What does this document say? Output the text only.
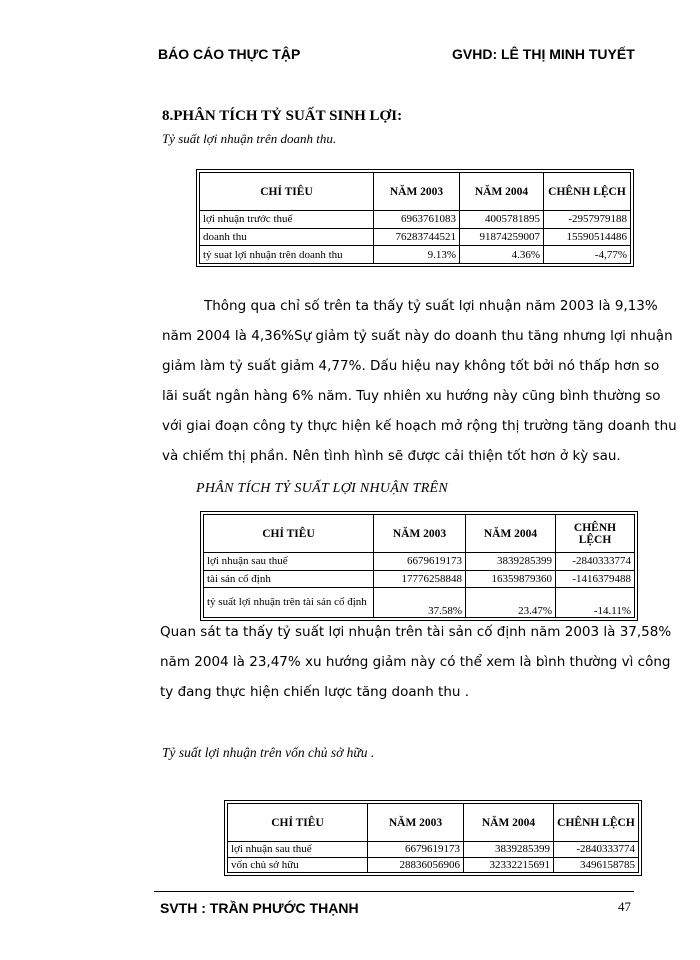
BÁO CÁO THỰC TẬP	GVHD: LÊ THỊ MINH TUYẾT
8.PHÂN TÍCH TỶ SUẤT SINH LỢI:
Tỷ suất lợi nhuận trên doanh thu.
CHỈ TIÊU	NĂM 2003	NĂM 2004	CHÊNH LỆCH
lợi nhuận trước thuế	6963761083	4005781895	-2957979188
doanh thu	76283744521	91874259007	15590514486
tỷ suat lợi nhuận trên doanh thu	9.13%	4.36%	-4,77%
Thông qua chỉ số trên ta thấy tỷ suất lợi nhuận năm 2003 là 9,13%
năm 2004 là 4,36%Sự giảm tỷ suất này do doanh thu tăng nhưng lợi nhuận
giảm làm tỷ suất giảm 4,77%. Dấu hiệu nay không tốt bởi nó thấp hơn so
lãi suất ngân hàng 6% năm. Tuy nhiên xu hướng này cũng bình thường so
với giai đoạn công ty thực hiện kế hoạch mở rộng thị trường tăng doanh thu
và chiếm thị phần. Nên tình hình sẽ được cải thiện tốt hơn ở kỳ sau.
PHÂN TÍCH TỶ SUẤT LỢI NHUẬN TRÊN
CHỈ TIÊU	NĂM 2003	NĂM 2004	CHÊNH LỆCH
lợi nhuận sau thuế	6679619173	3839285399	-2840333774
tài sản cố định	17776258848	16359879360	-1416379488
tỷ suất lợi nhuận trên tài sản cố định	37.58%	23.47%	-14.11%
Quan sát ta thấy tỷ suất lợi nhuận trên tài sản cố định năm 2003 là 37,58%
năm 2004 là 23,47% xu hướng giảm này có thể xem là bình thường vì công
ty đang thực hiện chiến lược tăng doanh thu .
Tỷ suất lợi nhuận trên vốn chủ sở hữu .
CHỈ TIÊU	NĂM 2003	NĂM 2004	CHÊNH LỆCH
lợi nhuận sau thuế	6679619173	3839285399	-2840333774
vốn chủ sở hữu	28836056906	32332215691	3496158785
SVTH : TRẦN PHƯỚC THẠNH	47
